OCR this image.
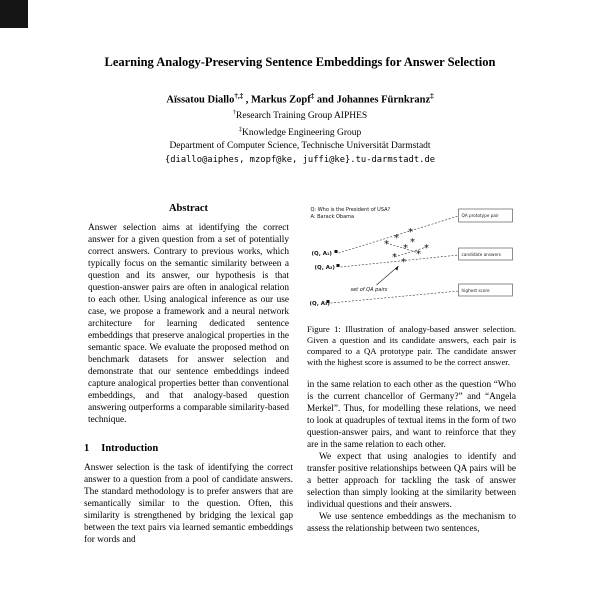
Learning Analogy-Preserving Sentence Embeddings for Answer Selection
Aïssatou Diallo†,‡ , Markus Zopf‡ and Johannes Fürnkranz‡
†Research Training Group AIPHES
‡Knowledge Engineering Group
Department of Computer Science, Technische Universität Darmstadt
{diallo@aiphes, mzopf@ke, juffi@ke}.tu-darmstadt.de
Abstract
Answer selection aims at identifying the correct answer for a given question from a set of potentially correct answers. Contrary to previous works, which typically focus on the semantic similarity between a question and its answer, our hypothesis is that question-answer pairs are often in analogical relation to each other. Using analogical inference as our use case, we propose a framework and a neural network architecture for learning dedicated sentence embeddings that preserve analogical properties in the semantic space. We evaluate the proposed method on benchmark datasets for answer selection and demonstrate that our sentence embeddings indeed capture analogical properties better than conventional embeddings, and that analogy-based question answering outperforms a comparable similarity-based technique.
1 Introduction
Answer selection is the task of identifying the correct answer to a question from a pool of candidate answers. The standard methodology is to prefer answers that are semantically similar to the question. Often, this similarity is strengthened by bridging the lexical gap between the text pairs via learned semantic embeddings for words and
Q: Who is the President of USA?
A: Barack Obama
*
*
*
*
*
*
*
*
*
(Q, A₁)
(Q, A₂)
(Q, A₃)
set of QA pairs
QA prototype pair
candidate answers
highest score
Figure 1: Illustration of analogy-based answer selection. Given a question and its candidate answers, each pair is compared to a QA prototype pair. The candidate answer with the highest score is assumed to be the correct answer.
in the same relation to each other as the question “Who is the current chancellor of Germany?” and “Angela Merkel”. Thus, for modelling these relations, we need to look at quadruples of textual items in the form of two question-answer pairs, and want to reinforce that they are in the same relation to each other.
We expect that using analogies to identify and transfer positive relationships between QA pairs will be a better approach for tackling the task of answer selection than simply looking at the similarity between individual questions and their answers.
We use sentence embeddings as the mechanism to assess the relationship between two sentences,
